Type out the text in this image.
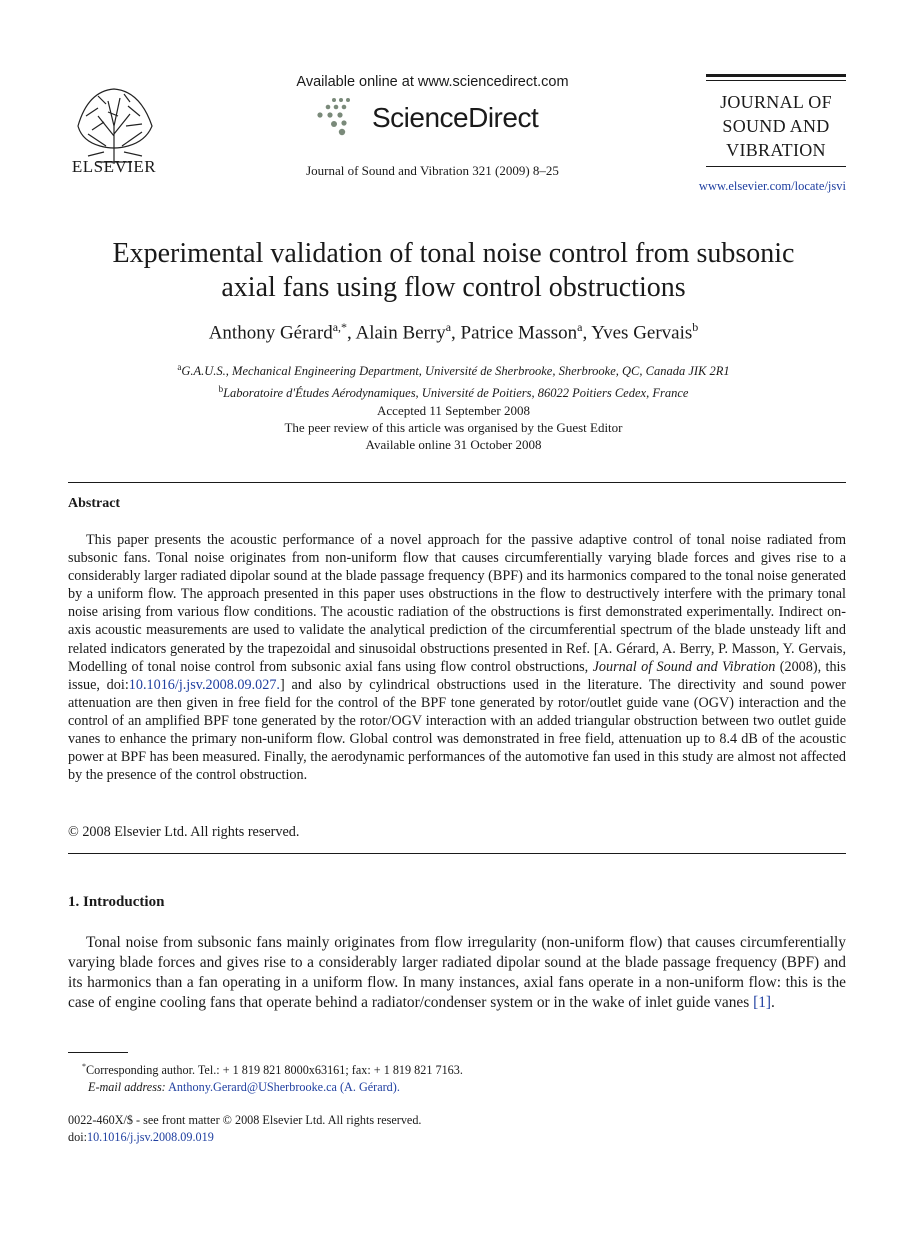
ELSEVIER
Available online at www.sciencedirect.com
ScienceDirect
Journal of Sound and Vibration 321 (2009) 8–25
JOURNAL OF
SOUND AND
VIBRATION
www.elsevier.com/locate/jsvi
Experimental validation of tonal noise control from subsonic
axial fans using flow control obstructions
Anthony Gérard$^{a,*}$, Alain Berry$^a$, Patrice Masson$^a$, Yves Gervais$^b$
$^a$G.A.U.S., Mechanical Engineering Department, Université de Sherbrooke, Sherbrooke, QC, Canada JIK 2R1
$^b$Laboratoire d'Études Aérodynamiques, Université de Poitiers, 86022 Poitiers Cedex, France
Accepted 11 September 2008
The peer review of this article was organised by the Guest Editor
Available online 31 October 2008
Abstract
This paper presents the acoustic performance of a novel approach for the passive adaptive control of tonal noise radiated from subsonic fans. Tonal noise originates from non-uniform flow that causes circumferentially varying blade forces and gives rise to a considerably larger radiated dipolar sound at the blade passage frequency (BPF) and its harmonics compared to the tonal noise generated by a uniform flow. The approach presented in this paper uses obstructions in the flow to destructively interfere with the primary tonal noise arising from various flow conditions. The acoustic radiation of the obstructions is first demonstrated experimentally. Indirect on-axis acoustic measurements are used to validate the analytical prediction of the circumferential spectrum of the blade unsteady lift and related indicators generated by the trapezoidal and sinusoidal obstructions presented in Ref. [A. Gérard, A. Berry, P. Masson, Y. Gervais, Modelling of tonal noise control from subsonic axial fans using flow control obstructions, Journal of Sound and Vibration (2008), this issue, doi:10.1016/j.jsv.2008.09.027.] and also by cylindrical obstructions used in the literature. The directivity and sound power attenuation are then given in free field for the control of the BPF tone generated by rotor/outlet guide vane (OGV) interaction and the control of an amplified BPF tone generated by the rotor/OGV interaction with an added triangular obstruction between two outlet guide vanes to enhance the primary non-uniform flow. Global control was demonstrated in free field, attenuation up to 8.4 dB of the acoustic power at BPF has been measured. Finally, the aerodynamic performances of the automotive fan used in this study are almost not affected by the presence of the control obstruction.
© 2008 Elsevier Ltd. All rights reserved.
1. Introduction
Tonal noise from subsonic fans mainly originates from flow irregularity (non-uniform flow) that causes circumferentially varying blade forces and gives rise to a considerably larger radiated dipolar sound at the blade passage frequency (BPF) and its harmonics than a fan operating in a uniform flow. In many instances, axial fans operate in a non-uniform flow: this is the case of engine cooling fans that operate behind a radiator/condenser system or in the wake of inlet guide vanes [1].
*Corresponding author. Tel.: + 1 819 821 8000x63161; fax: + 1 819 821 7163.
E-mail address: Anthony.Gerard@USherbrooke.ca (A. Gérard).
0022-460X/$ - see front matter © 2008 Elsevier Ltd. All rights reserved.
doi:10.1016/j.jsv.2008.09.019
